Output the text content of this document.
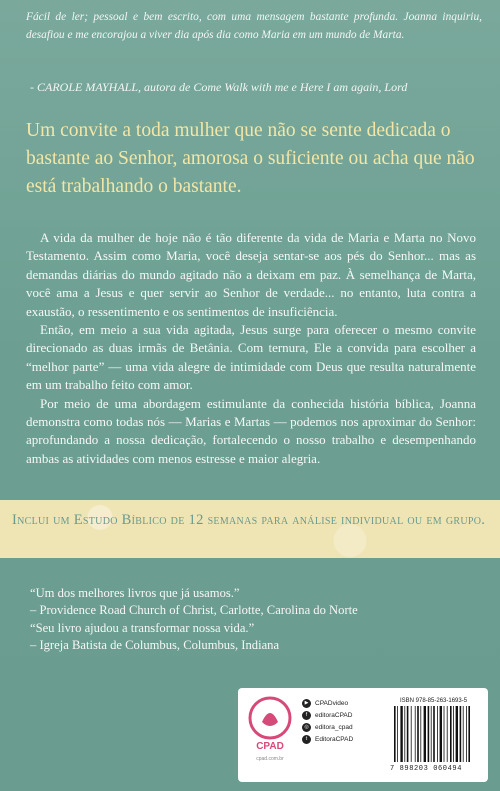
Fácil de ler; pessoal e bem escrito, com uma mensagem bastante profunda. Joanna inquiriu, desafiou e me encorajou a viver dia após dia como Maria em um mundo de Marta.

- CAROLE MAYHALL, autora de Come Walk with me e Here I am again, Lord
Um convite a toda mulher que não se sente dedicada o bastante ao Senhor, amorosa o suficiente ou acha que não está trabalhando o bastante.

A vida da mulher de hoje não é tão diferente da vida de Maria e Marta no Novo Testamento. Assim como Maria, você deseja sentar-se aos pés do Senhor... mas as demandas diárias do mundo agitado não a deixam em paz. À semelhança de Marta, você ama a Jesus e quer servir ao Senhor de verdade... no entanto, luta contra a exaustão, o ressentimento e os sentimentos de insuficiência.

Então, em meio a sua vida agitada, Jesus surge para oferecer o mesmo convite direcionado as duas irmãs de Betânia. Com ternura, Ele a convida para escolher a “melhor parte” — uma vida alegre de intimidade com Deus que resulta naturalmente em um trabalho feito com amor.

Por meio de uma abordagem estimulante da conhecida história bíblica, Joanna demonstra como todas nós — Marias e Martas — podemos nos aproximar do Senhor: aprofundando a nossa dedicação, fortalecendo o nosso trabalho e desempenhando ambas as atividades com menos estresse e maior alegria.

Inclui um Estudo Bíblico de 12 semanas para análise individual ou em grupo.
“Um dos melhores livros que já usamos.”
– Providence Road Church of Christ, Carlotte, Carolina do Norte
“Seu livro ajudou a transformar nossa vida.”
– Igreja Batista de Columbus, Columbus, Indiana
CPAD
cpad.com.br
▶	CPADvideo
f	editoraCPAD
◎ editora_cpad
t	EditoraCPAD
ISBN 978-85-263-1693-5
7 898203 060494
